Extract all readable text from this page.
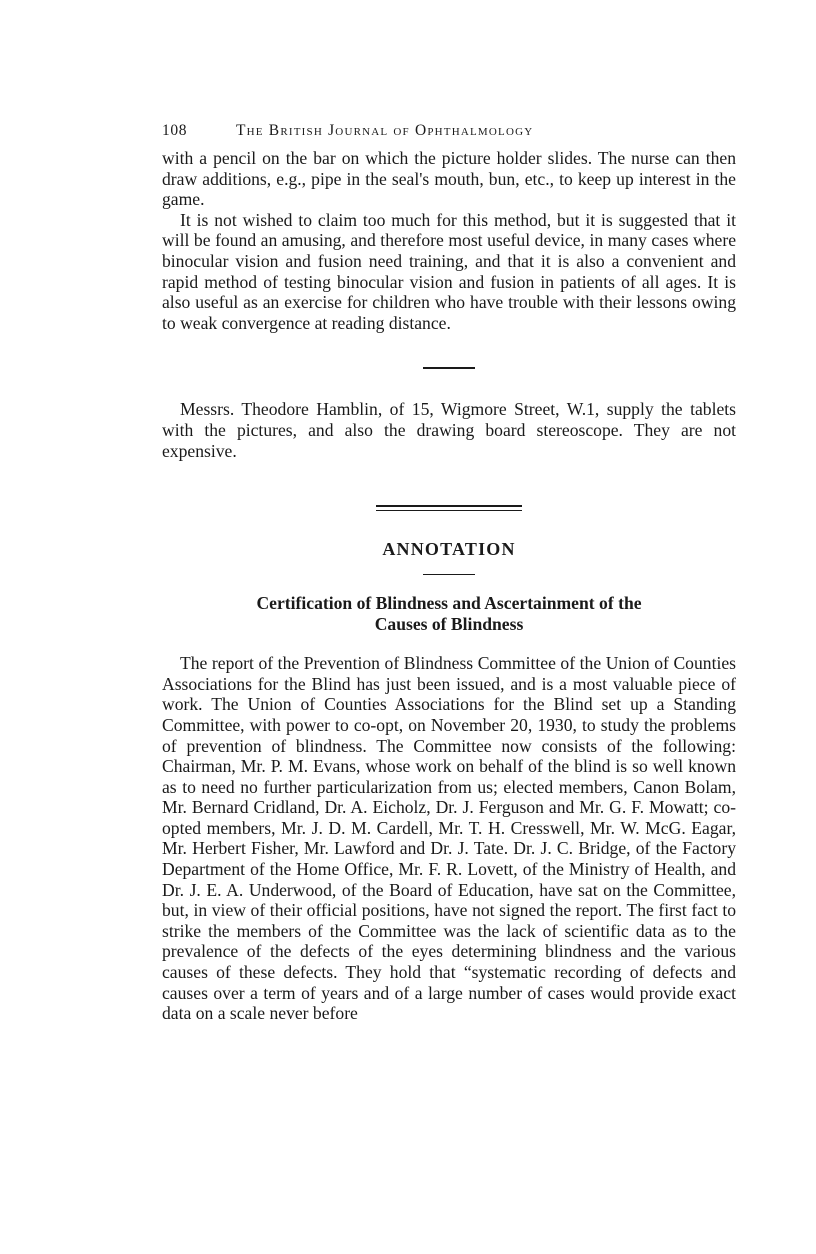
108	The British Journal of Ophthalmology

with a pencil on the bar on which the picture holder slides. The nurse can then draw additions, e.g., pipe in the seal's mouth, bun, etc., to keep up interest in the game.

It is not wished to claim too much for this method, but it is suggested that it will be found an amusing, and therefore most useful device, in many cases where binocular vision and fusion need training, and that it is also a convenient and rapid method of testing binocular vision and fusion in patients of all ages. It is also useful as an exercise for children who have trouble with their lessons owing to weak convergence at reading distance.

Messrs. Theodore Hamblin, of 15, Wigmore Street, W.1, supply the tablets with the pictures, and also the drawing board stereoscope. They are not expensive.

ANNOTATION
Certification of Blindness and Ascertainment of the
Causes of Blindness

The report of the Prevention of Blindness Committee of the Union of Counties Associations for the Blind has just been issued, and is a most valuable piece of work. The Union of Counties Associations for the Blind set up a Standing Committee, with power to co-opt, on November 20, 1930, to study the problems of prevention of blindness. The Committee now consists of the following: Chairman, Mr. P. M. Evans, whose work on behalf of the blind is so well known as to need no further particularization from us; elected members, Canon Bolam, Mr. Bernard Cridland, Dr. A. Eicholz, Dr. J. Ferguson and Mr. G. F. Mowatt; co-opted members, Mr. J. D. M. Cardell, Mr. T. H. Cresswell, Mr. W. McG. Eagar, Mr. Herbert Fisher, Mr. Lawford and Dr. J. Tate. Dr. J. C. Bridge, of the Factory Department of the Home Office, Mr. F. R. Lovett, of the Ministry of Health, and Dr. J. E. A. Underwood, of the Board of Education, have sat on the Committee, but, in view of their official positions, have not signed the report. The first fact to strike the members of the Committee was the lack of scientific data as to the prevalence of the defects of the eyes determining blindness and the various causes of these defects. They hold that “systematic recording of defects and causes over a term of years and of a large number of cases would provide exact data on a scale never before
